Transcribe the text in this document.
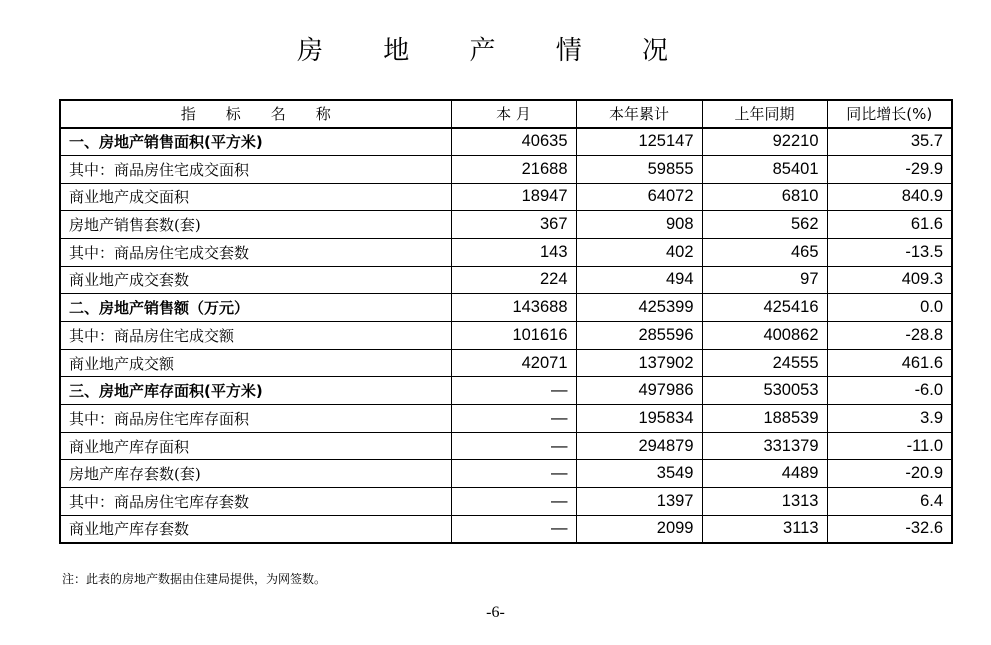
房 地 产 情 况
指　　标　　名　　称	本 月	本年累计	上年同期	同比增长(%)
一、房地产销售面积(平方米)	40635	125147	92210	35.7
其中：商品房住宅成交面积	21688	59855	85401	-29.9
商业地产成交面积	18947	64072	6810	840.9
房地产销售套数(套)	367	908	562	61.6
其中：商品房住宅成交套数	143	402	465	-13.5
商业地产成交套数	224	494	97	409.3
二、房地产销售额（万元）	143688	425399	425416	0.0
其中：商品房住宅成交额	101616	285596	400862	-28.8
商业地产成交额	42071	137902	24555	461.6
三、房地产库存面积(平方米)	—	497986	530053	-6.0
其中：商品房住宅库存面积	—	195834	188539	3.9
商业地产库存面积	—	294879	331379	-11.0
房地产库存套数(套)	—	3549	4489	-20.9
其中：商品房住宅库存套数	—	1397	1313	6.4
商业地产库存套数	—	2099	3113	-32.6
注：此表的房地产数据由住建局提供，为网签数。
-6-
